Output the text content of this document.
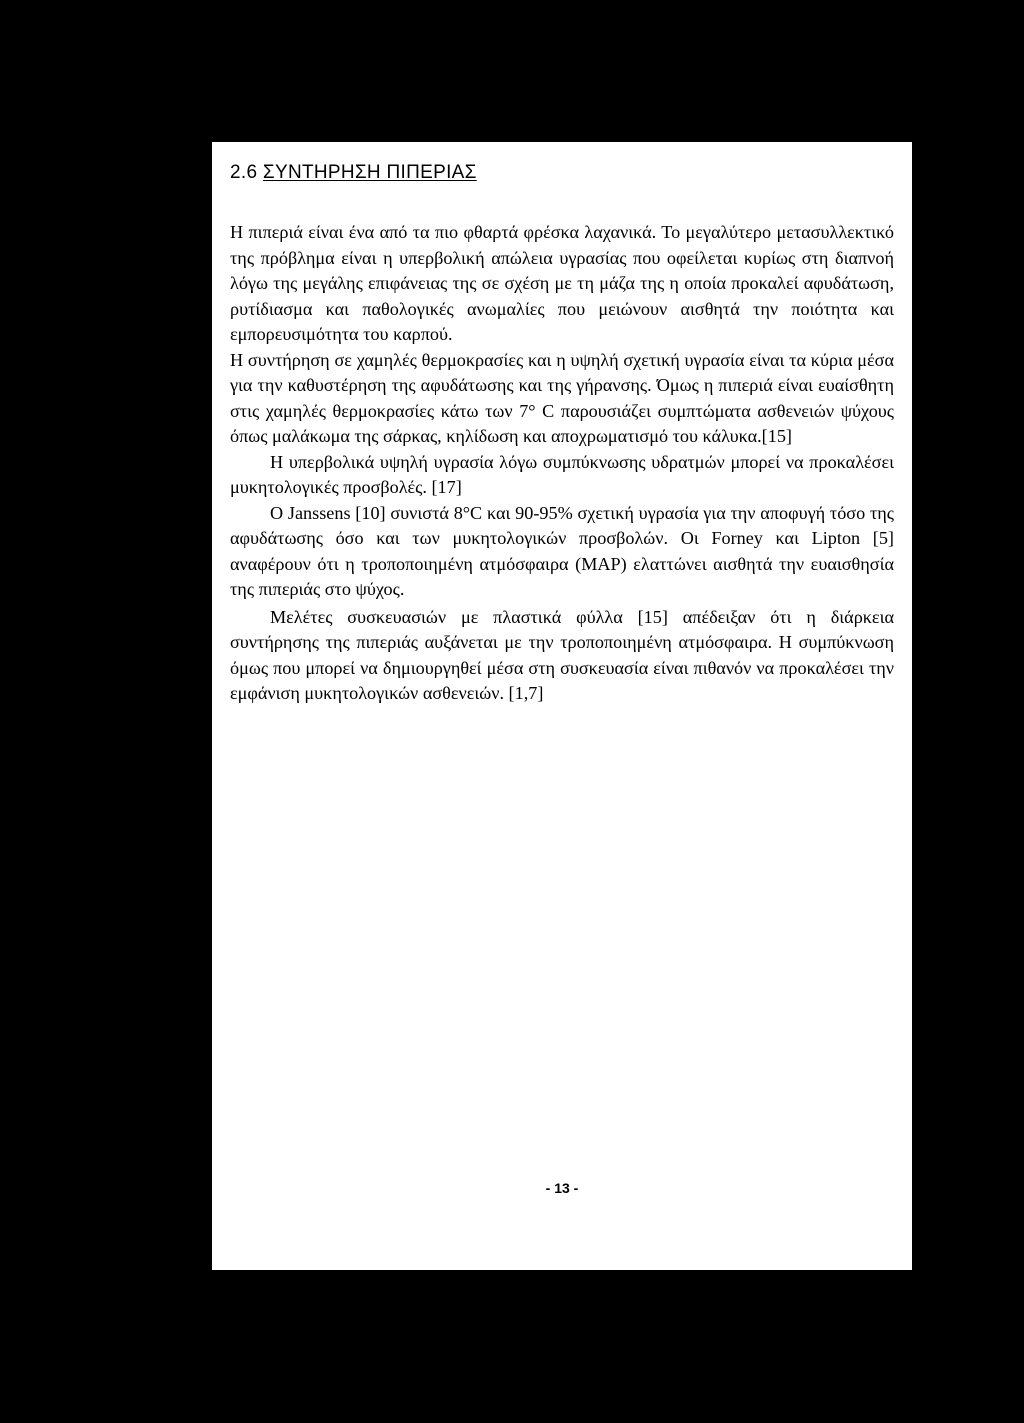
2.6 ΣΥΝΤΗΡΗΣΗ ΠΙΠΕΡΙΑΣ

Η πιπεριά είναι ένα από τα πιο φθαρτά φρέσκα λαχανικά. Το μεγαλύτερο μετασυλλεκτικό της πρόβλημα είναι η υπερβολική απώλεια υγρασίας που οφείλεται κυρίως στη διαπνοή λόγω της μεγάλης επιφάνειας της σε σχέση με τη μάζα της η οποία προκαλεί αφυδάτωση, ρυτίδιασμα και παθολογικές ανωμαλίες που μειώνουν αισθητά την ποιότητα και εμπορευσιμότητα του καρπού.

Η συντήρηση σε χαμηλές θερμοκρασίες και η υψηλή σχετική υγρασία είναι τα κύρια μέσα για την καθυστέρηση της αφυδάτωσης και της γήρανσης. Όμως η πιπεριά είναι ευαίσθητη στις χαμηλές θερμοκρασίες κάτω των 7° C παρουσιάζει συμπτώματα ασθενειών ψύχους όπως μαλάκωμα της σάρκας, κηλίδωση και αποχρωματισμό του κάλυκα.[15]

Η υπερβολικά υψηλή υγρασία λόγω συμπύκνωσης υδρατμών μπορεί να προκαλέσει μυκητολογικές προσβολές. [17]

Ο Janssens [10] συνιστά 8°C και 90-95% σχετική υγρασία για την αποφυγή τόσο της αφυδάτωσης όσο και των μυκητολογικών προσβολών. Οι Forney και Lipton [5] αναφέρουν ότι η τροποποιημένη ατμόσφαιρα (MAP) ελαττώνει αισθητά την ευαισθησία της πιπεριάς στο ψύχος.

Μελέτες συσκευασιών με πλαστικά φύλλα [15] απέδειξαν ότι η διάρκεια συντήρησης της πιπεριάς αυξάνεται με την τροποποιημένη ατμόσφαιρα. Η συμπύκνωση όμως που μπορεί να δημιουργηθεί μέσα στη συσκευασία είναι πιθανόν να προκαλέσει την εμφάνιση μυκητολογικών ασθενειών. [1,7]

- 13 -
